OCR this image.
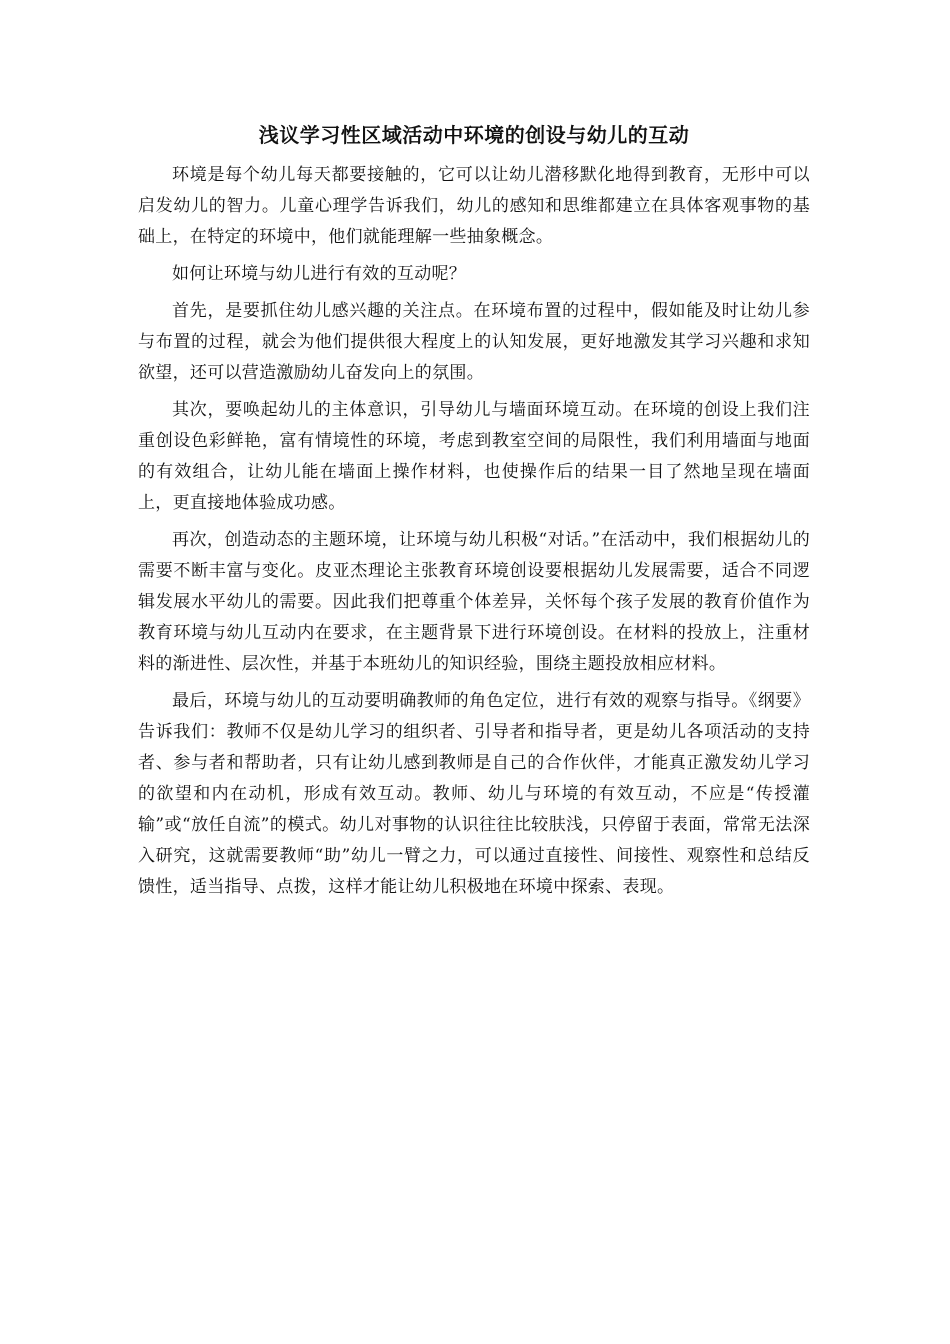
浅议学习性区域活动中环境的创设与幼儿的互动

环境是每个幼儿每天都要接触的，它可以让幼儿潜移默化地得到教育，无形中可以启发幼儿的智力。儿童心理学告诉我们，幼儿的感知和思维都建立在具体客观事物的基础上，在特定的环境中，他们就能理解一些抽象概念。

如何让环境与幼儿进行有效的互动呢？

首先，是要抓住幼儿感兴趣的关注点。在环境布置的过程中，假如能及时让幼儿参与布置的过程，就会为他们提供很大程度上的认知发展，更好地激发其学习兴趣和求知欲望，还可以营造激励幼儿奋发向上的氛围。

其次，要唤起幼儿的主体意识，引导幼儿与墙面环境互动。在环境的创设上我们注重创设色彩鲜艳，富有情境性的环境，考虑到教室空间的局限性，我们利用墙面与地面的有效组合，让幼儿能在墙面上操作材料，也使操作后的结果一目了然地呈现在墙面上，更直接地体验成功感。

再次，创造动态的主题环境，让环境与幼儿积极“对话。”在活动中，我们根据幼儿的需要不断丰富与变化。皮亚杰理论主张教育环境创设要根据幼儿发展需要，适合不同逻辑发展水平幼儿的需要。因此我们把尊重个体差异，关怀每个孩子发展的教育价值作为教育环境与幼儿互动内在要求，在主题背景下进行环境创设。在材料的投放上，注重材料的渐进性、层次性，并基于本班幼儿的知识经验，围绕主题投放相应材料。

最后，环境与幼儿的互动要明确教师的角色定位，进行有效的观察与指导。《纲要》告诉我们：教师不仅是幼儿学习的组织者、引导者和指导者，更是幼儿各项活动的支持者、参与者和帮助者，只有让幼儿感到教师是自己的合作伙伴，才能真正激发幼儿学习的欲望和内在动机，形成有效互动。教师、幼儿与环境的有效互动，不应是“传授灌输”或“放任自流”的模式。幼儿对事物的认识往往比较肤浅，只停留于表面，常常无法深入研究，这就需要教师“助”幼儿一臂之力，可以通过直接性、间接性、观察性和总结反馈性，适当指导、点拨，这样才能让幼儿积极地在环境中探索、表现。
